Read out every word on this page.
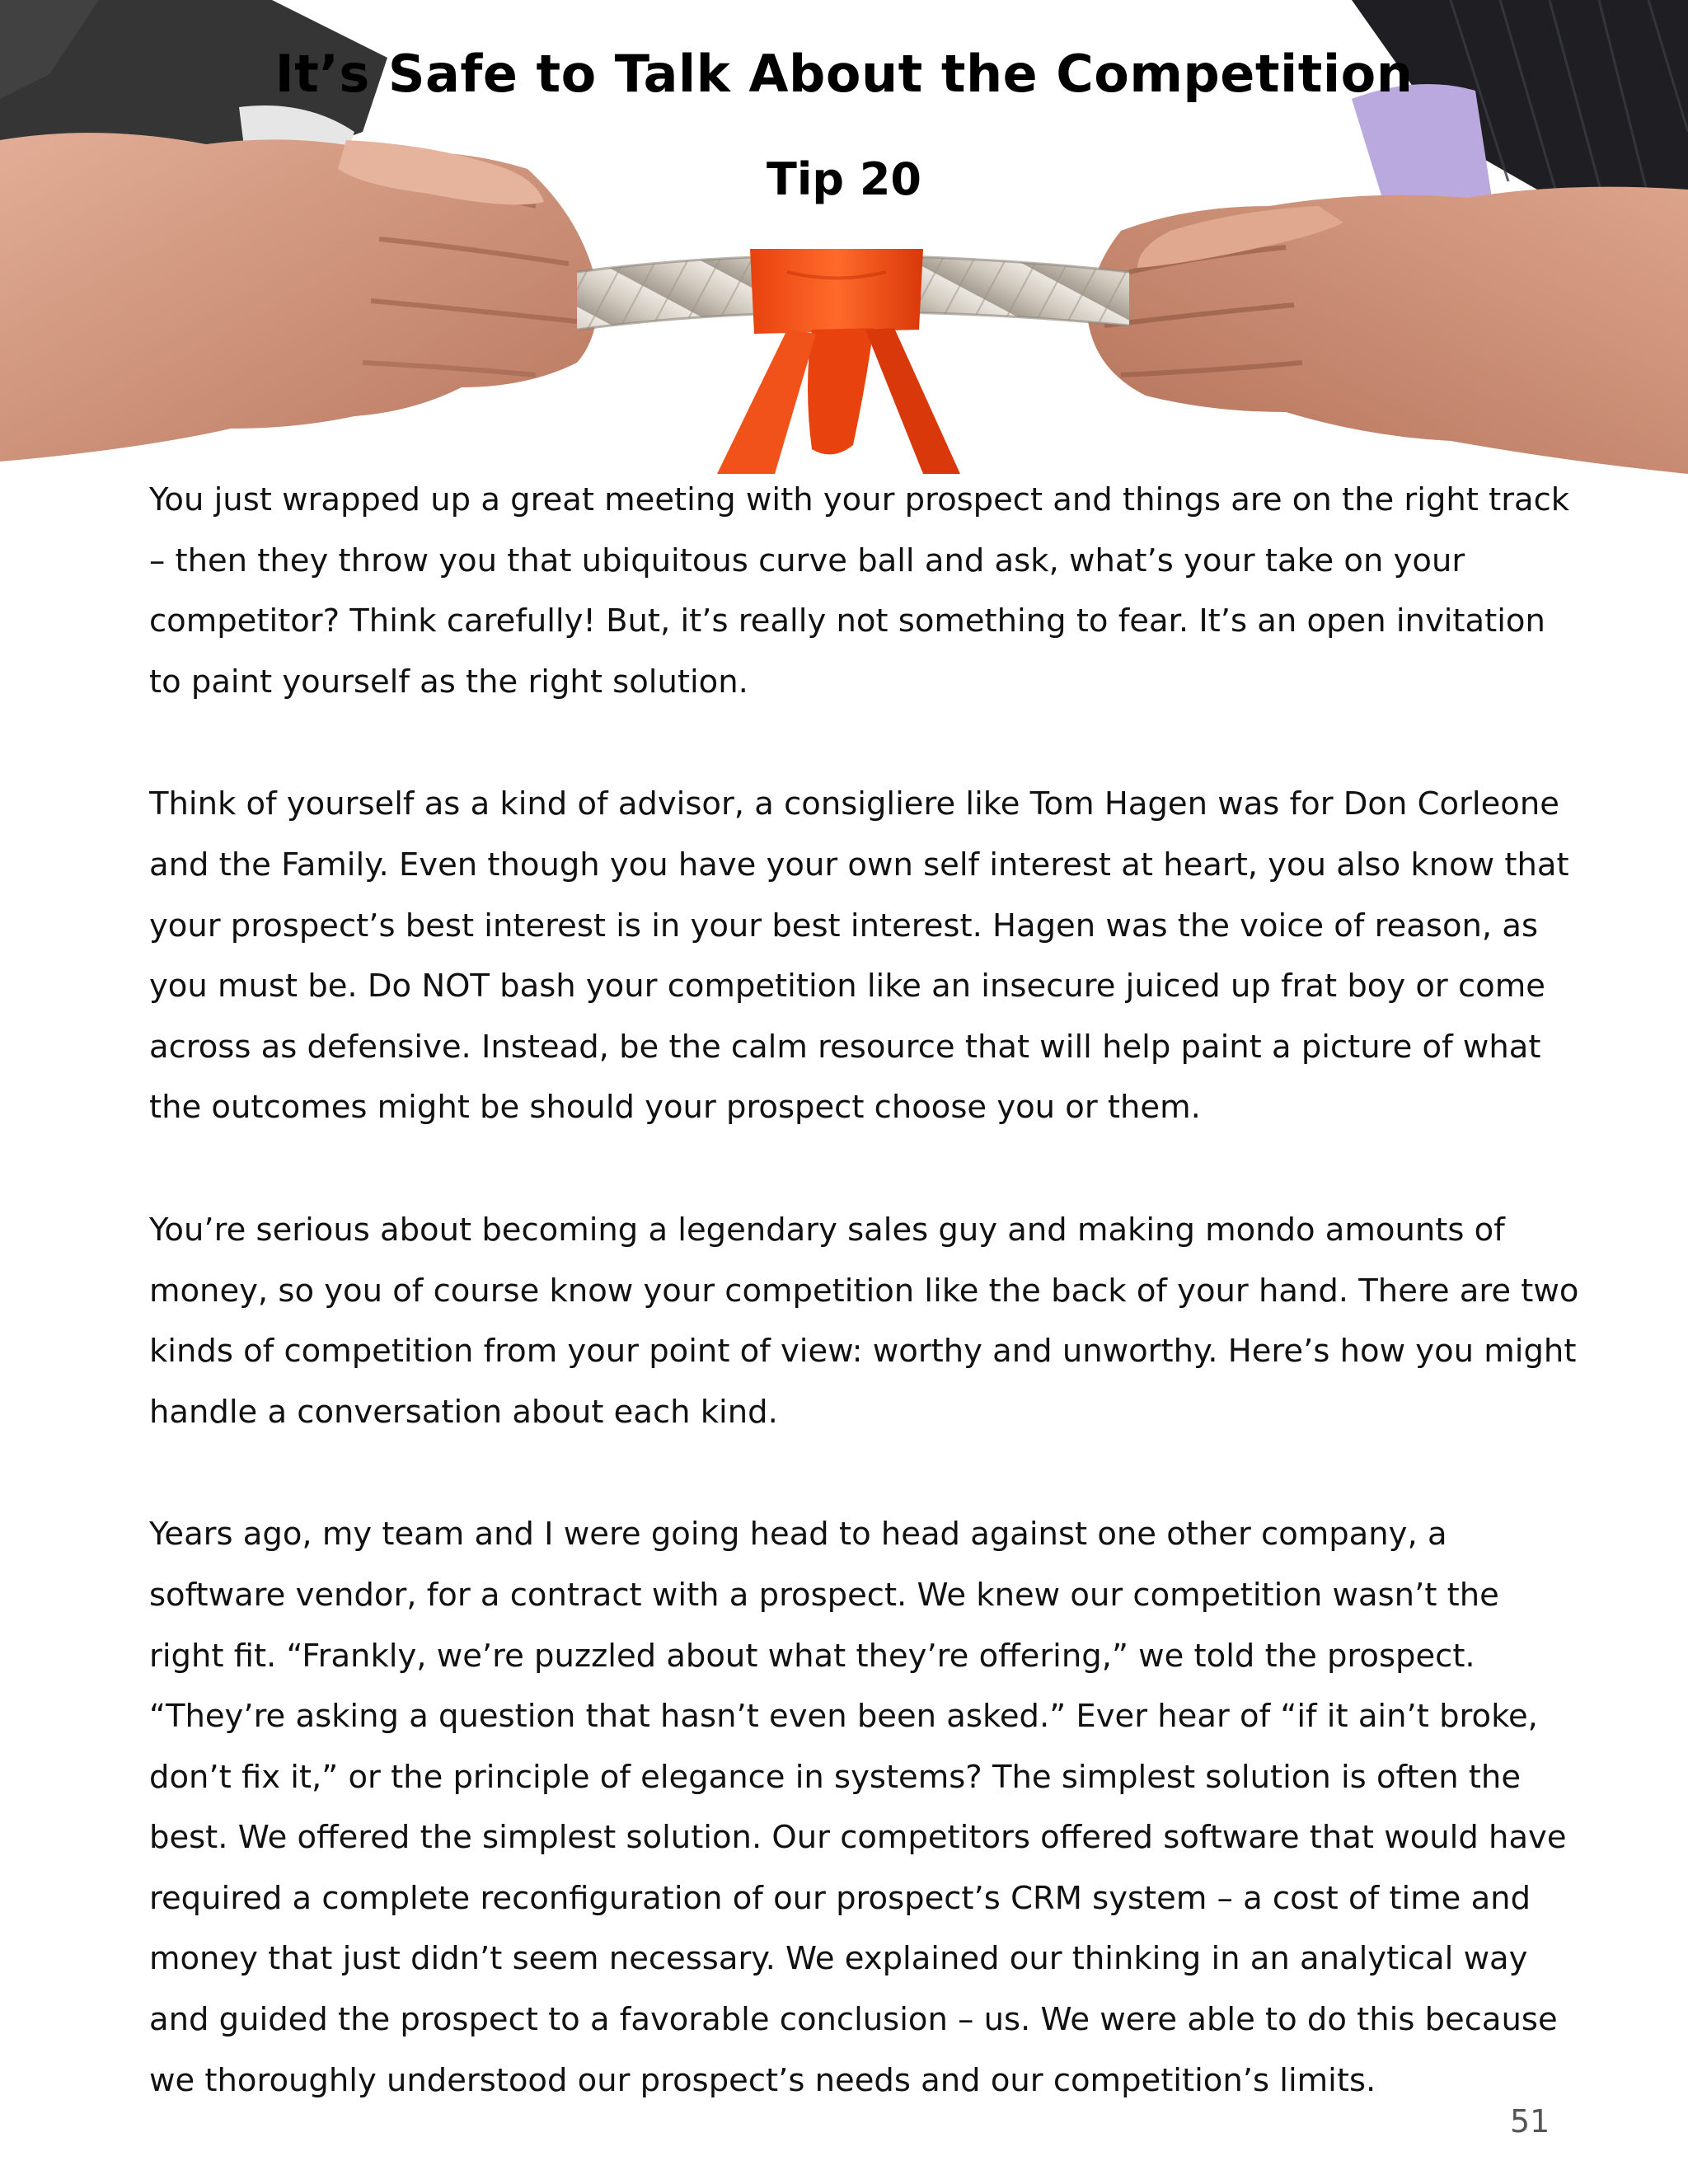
It’s Safe to Talk About the Competition
Tip 20

You just wrapped up a great meeting with your prospect and things are on the right track – then they throw you that ubiquitous curve ball and ask, what’s your take on your competitor? Think carefully! But, it’s really not something to fear. It’s an open invitation to paint yourself as the right solution.

Think of yourself as a kind of advisor, a consigliere like Tom Hagen was for Don Corleone and the Family. Even though you have your own self interest at heart, you also know that your prospect’s best interest is in your best interest. Hagen was the voice of reason, as you must be. Do NOT bash your competition like an insecure juiced up frat boy or come across as defensive. Instead, be the calm resource that will help paint a picture of what the outcomes might be should your prospect choose you or them.

You’re serious about becoming a legendary sales guy and making mondo amounts of money, so you of course know your competition like the back of your hand. There are two kinds of competition from your point of view: worthy and unworthy. Here’s how you might handle a conversation about each kind.

Years ago, my team and I were going head to head against one other company, a software vendor, for a contract with a prospect. We knew our competition wasn’t the right fit. “Frankly, we’re puzzled about what they’re offering,” we told the prospect. “They’re asking a question that hasn’t even been asked.” Ever hear of “if it ain’t broke, don’t fix it,” or the principle of elegance in systems? The simplest solution is often the best. We offered the simplest solution. Our competitors offered software that would have required a complete reconfiguration of our prospect’s CRM system – a cost of time and money that just didn’t seem necessary. We explained our thinking in an analytical way and guided the prospect to a favorable conclusion – us. We were able to do this because we thoroughly understood our prospect’s needs and our competition’s limits.

51
